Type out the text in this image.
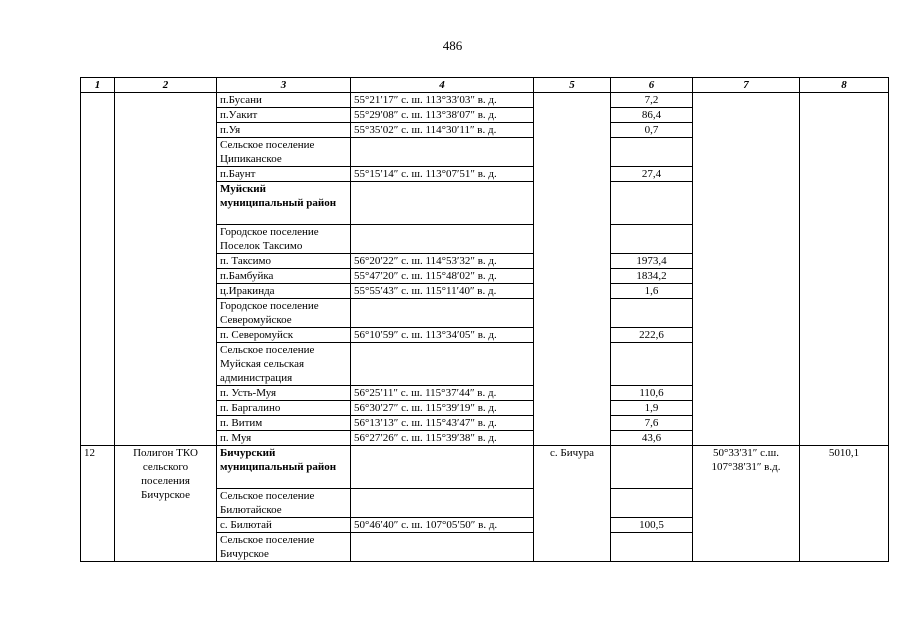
486
1	2	3	4	5	6	7	8
		п.Бусани	55°21′17″ с. ш. 113°33′03″ в. д.		7,2		
		п.Уакит	55°29′08″ с. ш. 113°38′07″ в. д.		86,4		
		п.Уя	55°35′02″ с. ш. 114°30′11″ в. д.		0,7		
		Сельское поселение Ципиканское					
		п.Баунт	55°15′14″ с. ш. 113°07′51″ в. д.		27,4		
		Муйский муниципальный район					
		Городское поселение Поселок Таксимо					
		п. Таксимо	56°20′22″ с. ш. 114°53′32″ в. д.		1973,4		
		п.Бамбуйка	55°47′20″ с. ш. 115°48′02″ в. д.		1834,2		
		ц.Иракинда	55°55′43″ с. ш. 115°11′40″ в. д.		1,6		
		Городское поселение Северомуйское					
		п. Северомуйск	56°10′59″ с. ш. 113°34′05″ в. д.		222,6		
		Сельское поселение Муйская сельская администрация					
		п. Усть-Муя	56°25′11″ с. ш. 115°37′44″ в. д.		110,6		
		п. Баргалино	56°30′27″ с. ш. 115°39′19″ в. д.		1,9		
		п. Витим	56°13′13″ с. ш. 115°43′47″ в. д.		7,6		
		п. Муя	56°27′26″ с. ш. 115°39′38″ в. д.		43,6		
12	Полигон ТКО сельского поселения Бичурское	Бичурский муниципальный район		с. Бичура		50°33′31″ с.ш. 107°38′31″ в.д.	5010,1
		Сельское поселение Билютайское					
		с. Билютай	50°46′40″ с. ш. 107°05′50″ в. д.		100,5		
		Сельское поселение Бичурское					
